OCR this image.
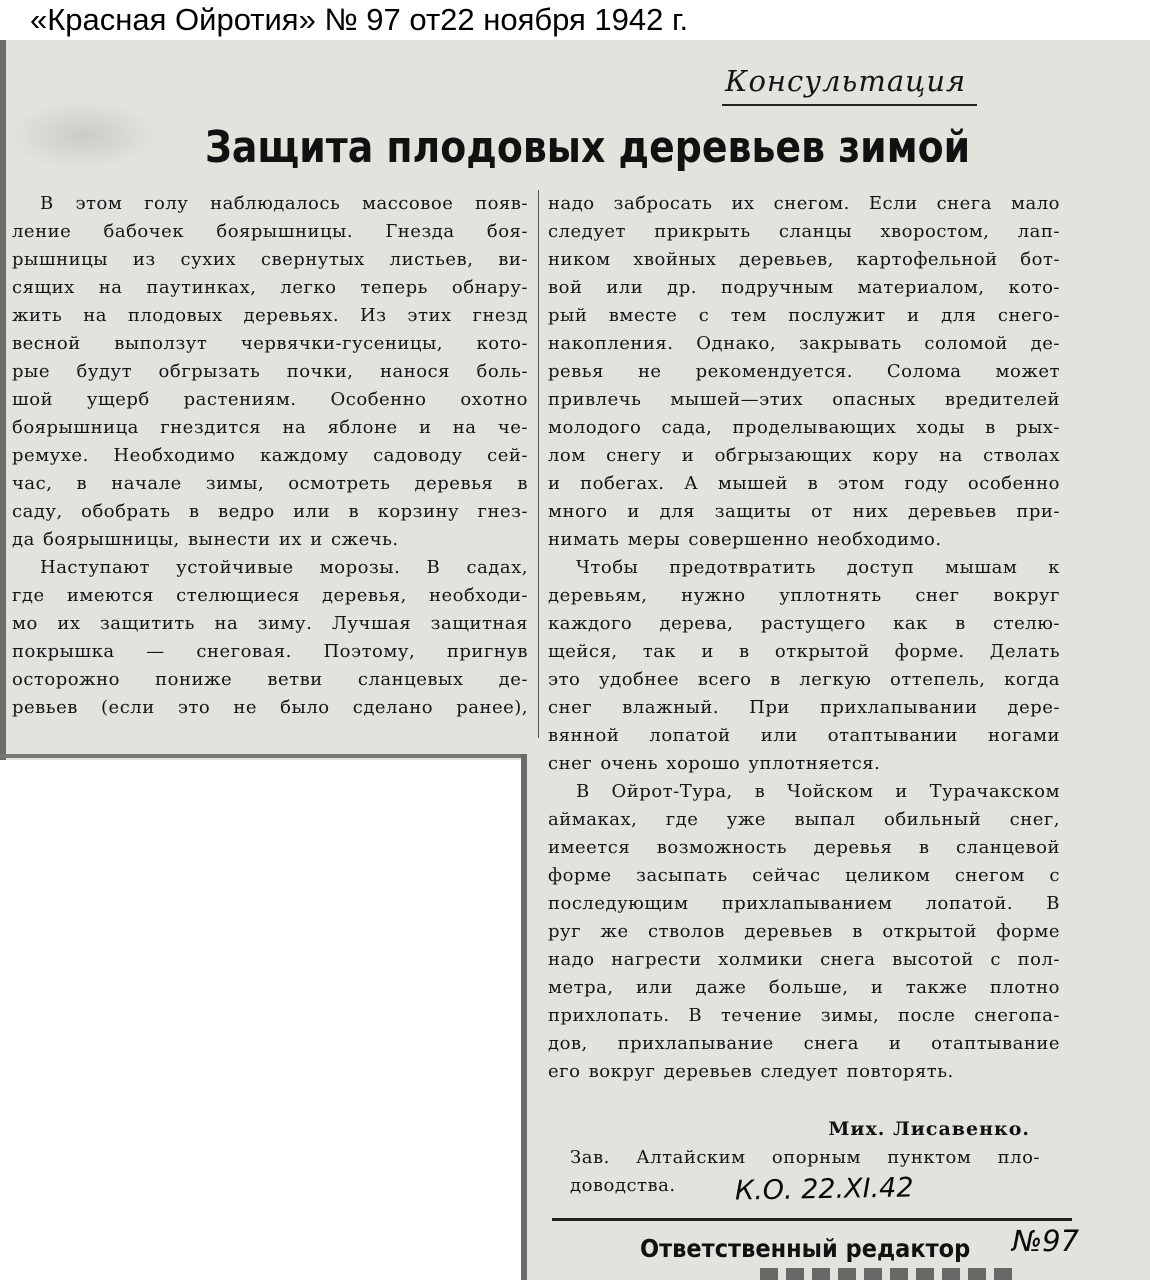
«Красная Ойротия» № 97 от22 ноября 1942 г.
Консультация
Защита плодовых деревьев зимой

В этом голу наблюдалось массовое появ-

ление бабочек боярышницы. Гнезда боя-

рышницы из сухих свернутых листьев, ви-

сящих на паутинках, легко теперь обнару-

жить на плодовых деревьях. Из этих гнезд

весной выползут червячки-гусеницы, кото-

рые будут обгрызать почки, нанося боль-

шой ущерб растениям. Особенно охотно

боярышница гнездится на яблоне и на че-

ремухе. Необходимо каждому садоводу сей-

час, в начале зимы, осмотреть деревья в

саду, обобрать в ведро или в корзину гнез-

да боярышницы, вынести их и сжечь.

Наступают устойчивые морозы. В садах,

где имеются стелющиеся деревья, необходи-

мо их защитить на зиму. Лучшая защитная

покрышка — снеговая. Поэтому, пригнув

осторожно пониже ветви сланцевых де-

ревьев (если это не было сделано ранее),

надо забросать их снегом. Если снега мало

следует прикрыть сланцы хворостом, лап-

ником хвойных деревьев, картофельной бот-

вой или др. подручным материалом, кото-

рый вместе с тем послужит и для снего-

накопления. Однако, закрывать соломой де-

ревья не рекомендуется. Солома может

привлечь мышей—этих опасных вредителей

молодого сада, проделывающих ходы в рых-

лом снегу и обгрызающих кору на стволах

и побегах. А мышей в этом году особенно

много и для защиты от них деревьев при-

нимать меры совершенно необходимо.

Чтобы предотвратить доступ мышам к

деревьям, нужно уплотнять снег вокруг

каждого дерева, растущего как в стелю-

щейся, так и в открытой форме. Делать

это удобнее всего в легкую оттепель, когда

снег влажный. При прихлапывании дере-

вянной лопатой или отаптывании ногами

снег очень хорошо уплотняется.

В Ойрот-Тура, в Чойском и Турачакском

аймаках, где уже выпал обильный снег,

имеется возможность деревья в сланцевой

форме засыпать сейчас целиком снегом с

последующим прихлапыванием лопатой. В

руг же стволов деревьев в открытой форме

надо нагрести холмики снега высотой с пол-

метра, или даже больше, и также плотно

прихлопать. В течение зимы, после снегопа-

дов, прихлапывание снега и отаптывание

его вокруг деревьев следует повторять.

Мих. Лисавенко.

Зав. Алтайским опорным пунктом пло-

доводства.	К.О. 22.XI.42
Ответственный редактор №97
